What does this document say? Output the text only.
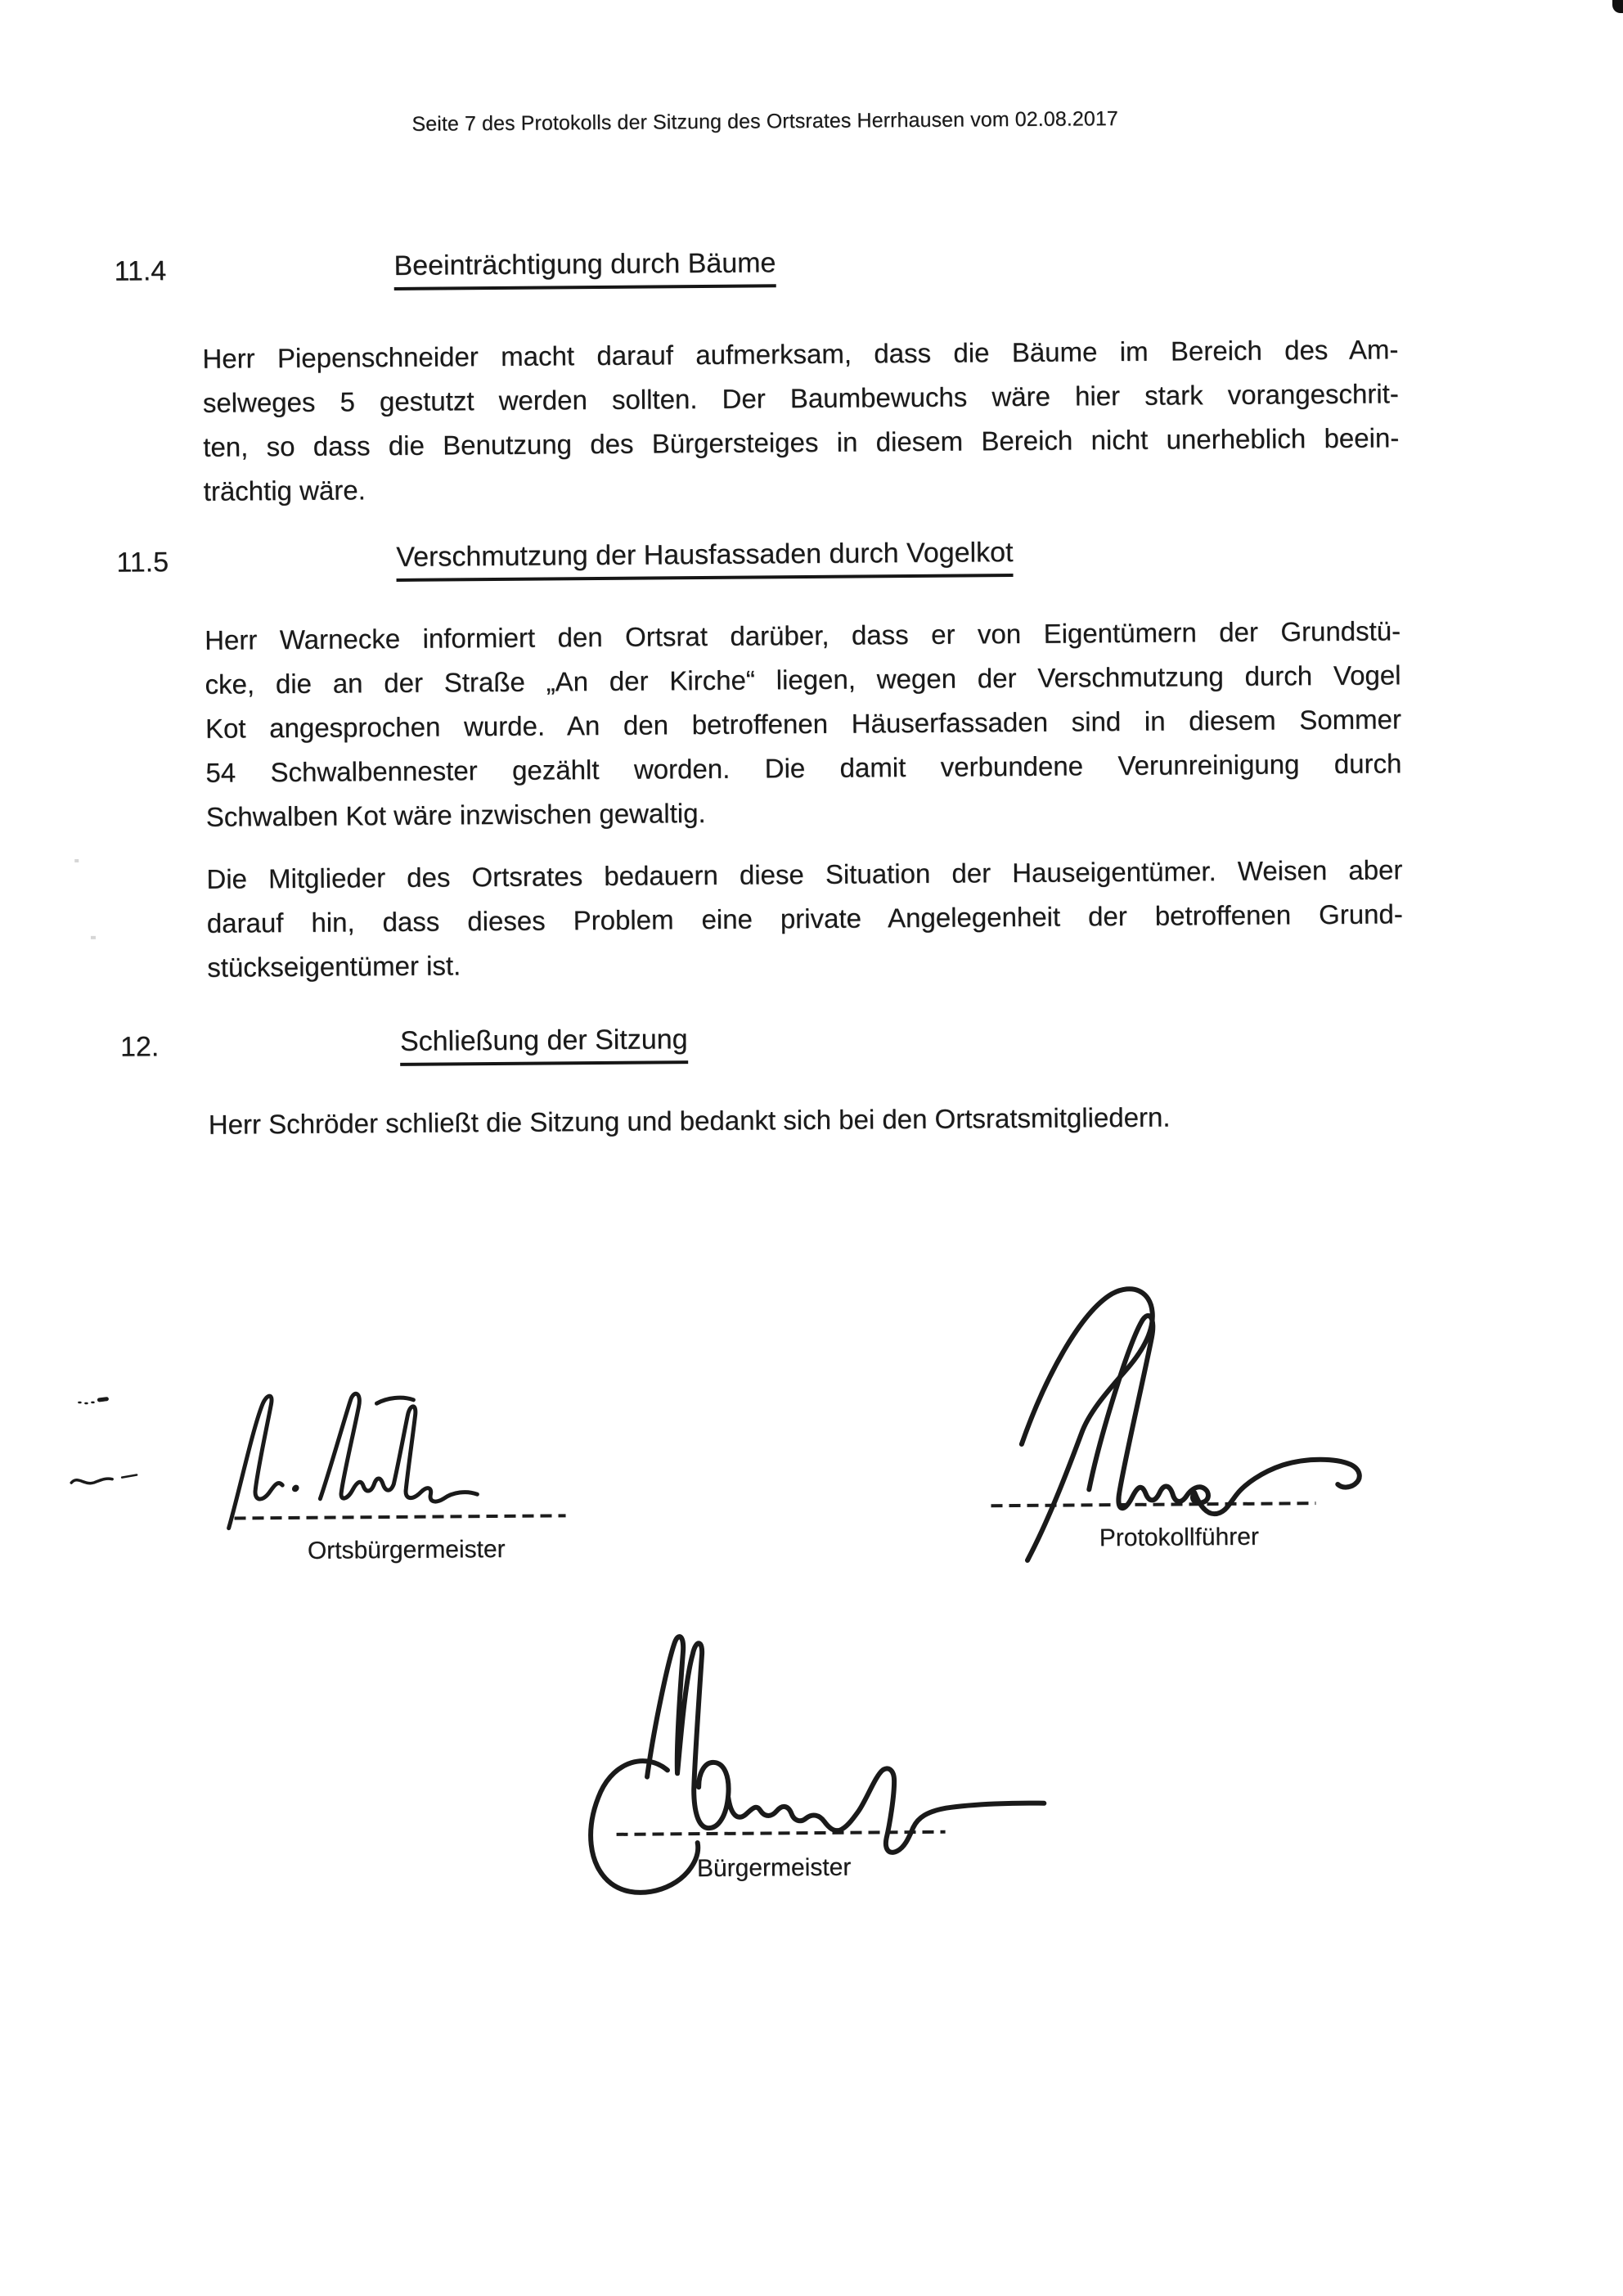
Seite 7 des Protokolls der Sitzung des Ortsrates Herrhausen vom 02.08.2017
11.4	Beeinträchtigung durch Bäume
Herr Piepenschneider macht darauf aufmerksam, dass die Bäume im Bereich des Am-
selweges 5 gestutzt werden sollten. Der Baumbewuchs wäre hier stark vorangeschrit-
ten, so dass die Benutzung des Bürgersteiges in diesem Bereich nicht unerheblich beein-
trächtig wäre.
11.5	Verschmutzung der Hausfassaden durch Vogelkot
Herr Warnecke informiert den Ortsrat darüber, dass er von Eigentümern der Grundstü-
cke, die an der Straße „An der Kirche“ liegen, wegen der Verschmutzung durch Vogel
Kot angesprochen wurde. An den betroffenen Häuserfassaden sind in diesem Sommer
54 Schwalbennester gezählt worden. Die damit verbundene Verunreinigung durch
Schwalben Kot wäre inzwischen gewaltig.
Die Mitglieder des Ortsrates bedauern diese Situation der Hauseigentümer. Weisen aber
darauf hin, dass dieses Problem eine private Angelegenheit der betroffenen Grund-
stückseigentümer ist.
12.	Schließung der Sitzung
Herr Schröder schließt die Sitzung und bedankt sich bei den Ortsratsmitgliedern.
Ortsbürgermeister	Protokollführer
Bürgermeister
